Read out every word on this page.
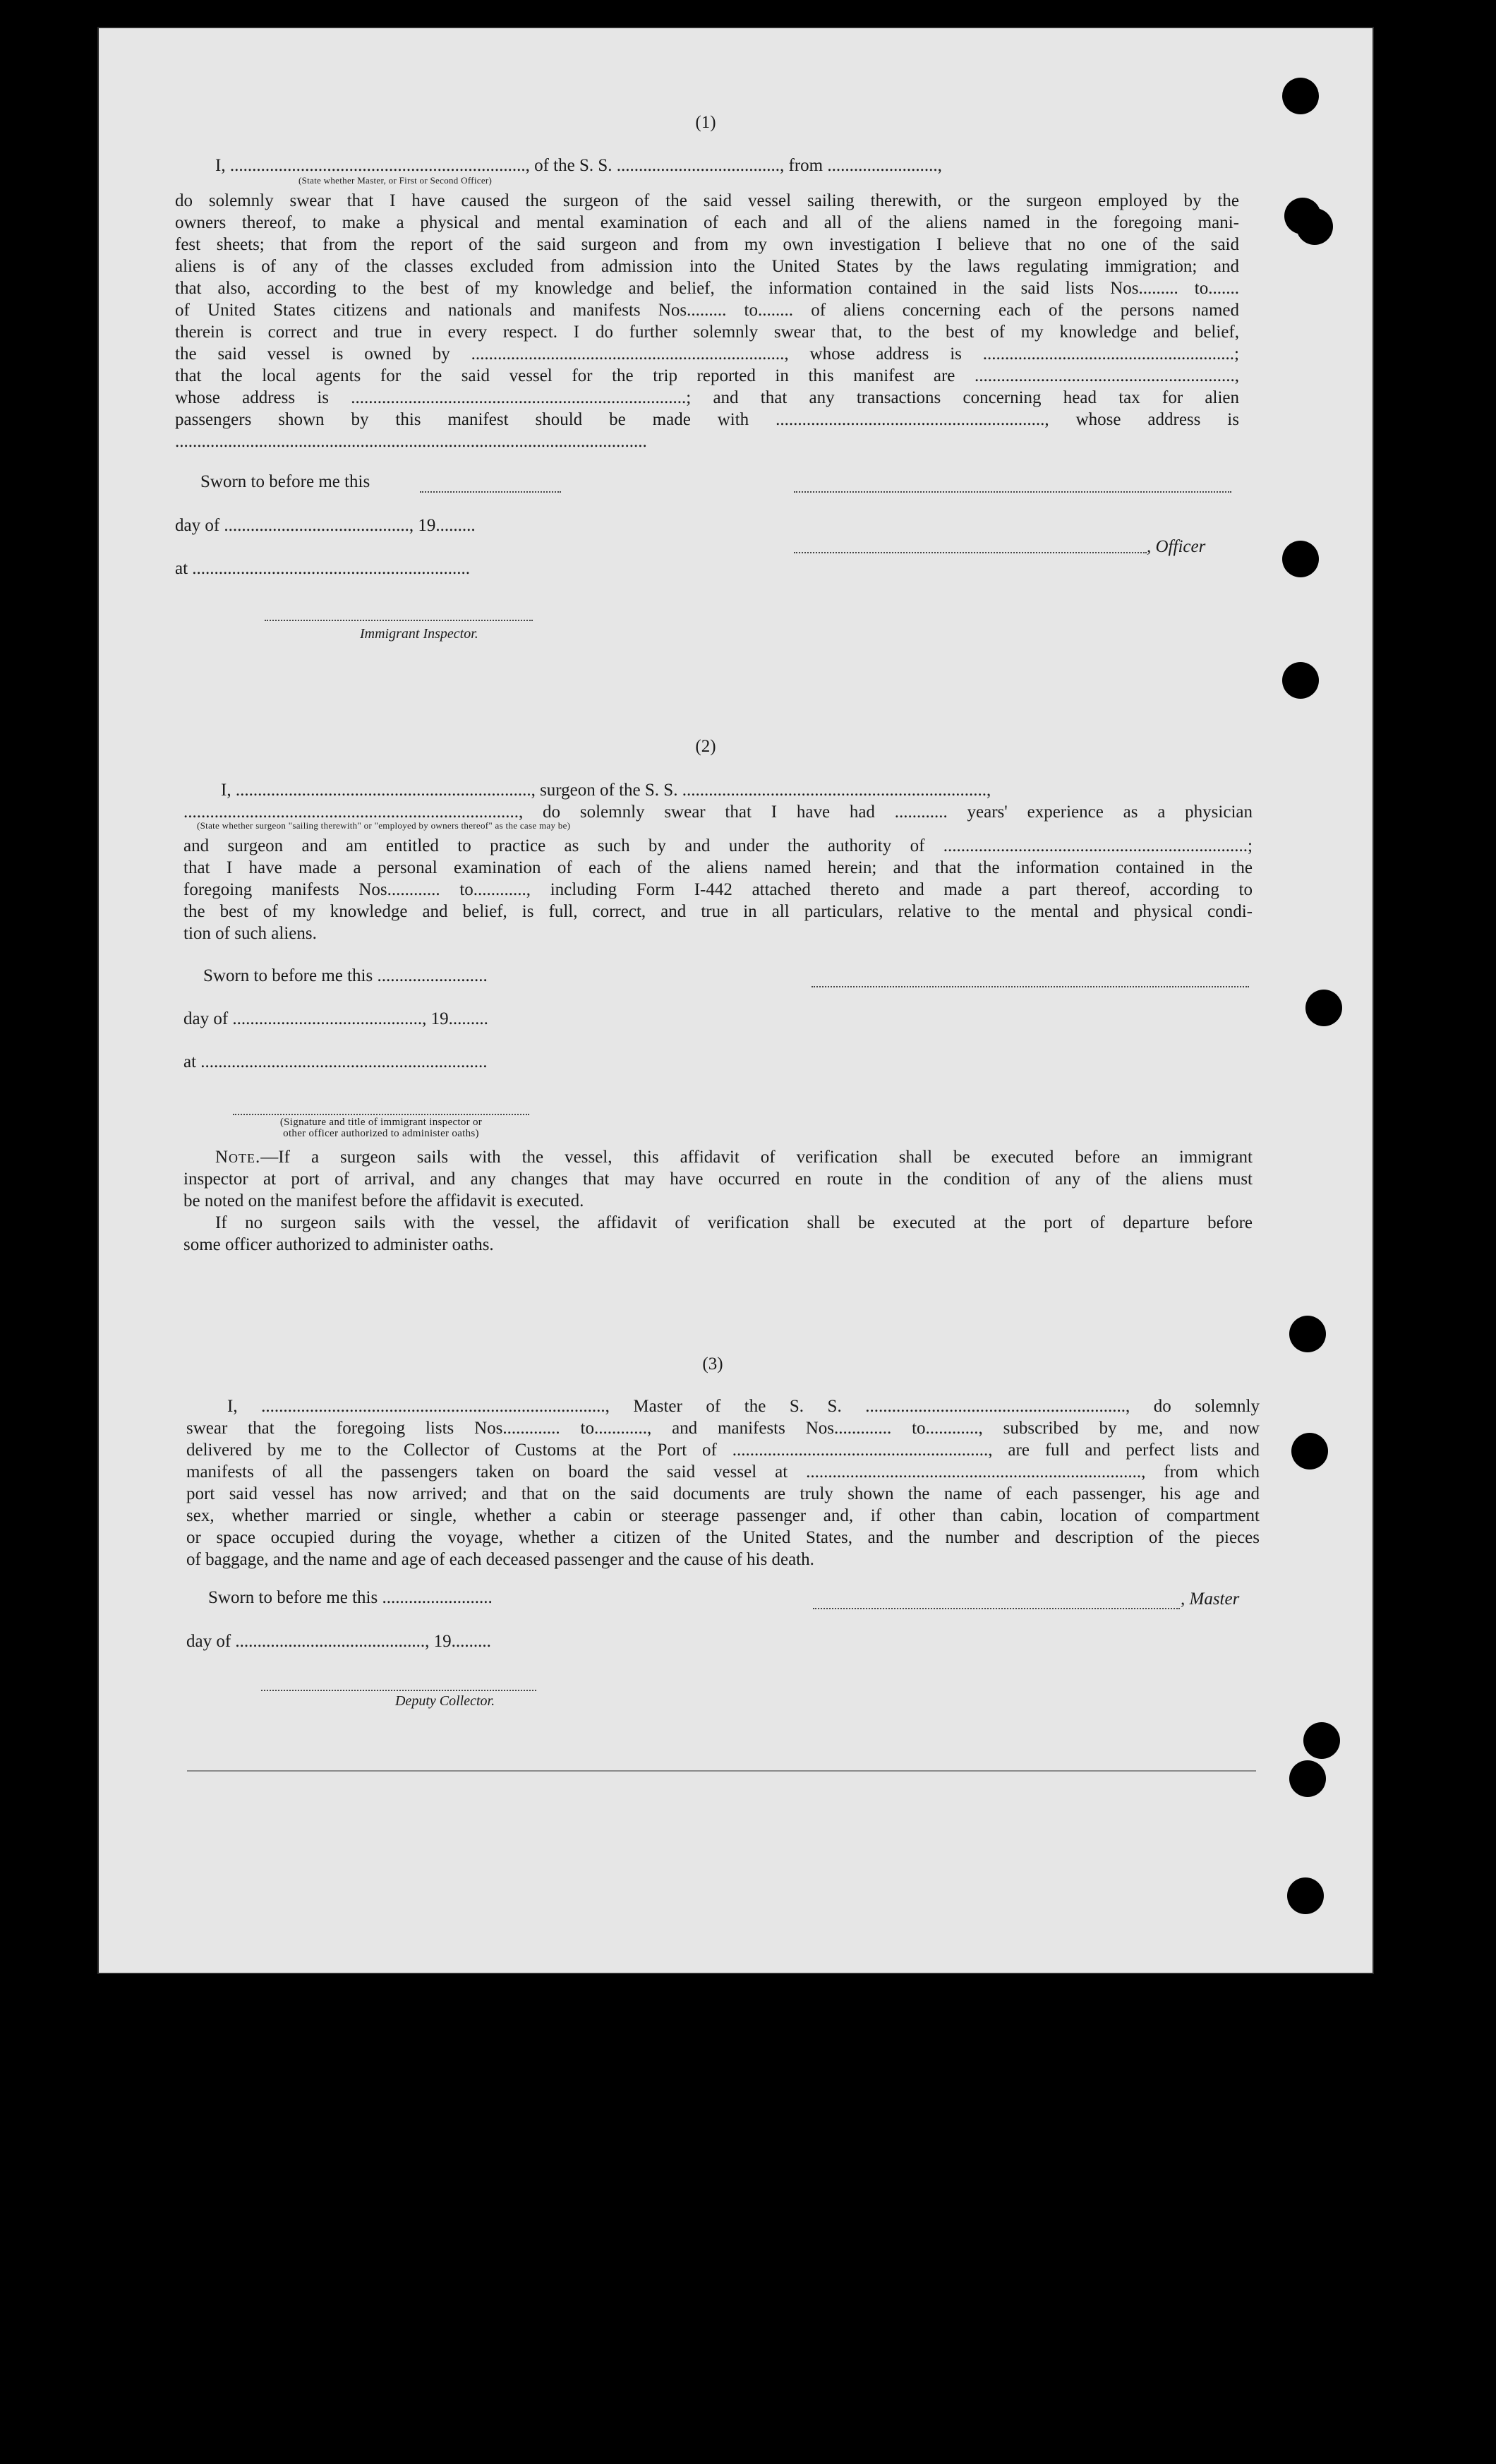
(1)
I, ..................................................................., of the S. S. ....................................., from .........................,
(State whether Master, or First or Second Officer)
do solemnly swear that I have caused the surgeon of the said vessel sailing therewith, or the surgeon employed by the
owners thereof, to make a physical and mental examination of each and all of the aliens named in the foregoing mani-
fest sheets; that from the report of the said surgeon and from my own investigation I believe that no one of the said
aliens is of any of the classes excluded from admission into the United States by the laws regulating immigration; and
that also, according to the best of my knowledge and belief, the information contained in the said lists Nos......... to.......
of United States citizens and nationals and manifests Nos......... to........ of aliens concerning each of the persons named
therein is correct and true in every respect. I do further solemnly swear that, to the best of my knowledge and belief,
the said vessel is owned by ......................................................................., whose address is .........................................................;
that the local agents for the said vessel for the trip reported in this manifest are ...........................................................,
whose address is ............................................................................; and that any transactions concerning head tax for alien
passengers shown by this manifest should be made with ............................................................., whose address is
...........................................................................................................
Sworn to before me this
day of .........................................., 19.........
, Officer
at ...............................................................
Immigrant Inspector.
(2)
I, ..................................................................., surgeon of the S. S. .....................................................................,
............................................................................, do solemnly swear that I have had ............ years' experience as a physician
(State whether surgeon "sailing therewith" or "employed by owners thereof" as the case may be)
and surgeon and am entitled to practice as such by and under the authority of .....................................................................;
that I have made a personal examination of each of the aliens named herein; and that the information contained in the
foregoing manifests Nos............ to............, including Form I-442 attached thereto and made a part thereof, according to
the best of my knowledge and belief, is full, correct, and true in all particulars, relative to the mental and physical condi-
tion of such aliens.
Sworn to before me this .........................
day of ..........................................., 19.........
at .................................................................
(Signature and title of immigrant inspector or
other officer authorized to administer oaths)
Note.—If a surgeon sails with the vessel, this affidavit of verification shall be executed before an immigrant
inspector at port of arrival, and any changes that may have occurred en route in the condition of any of the aliens must
be noted on the manifest before the affidavit is executed.
If no surgeon sails with the vessel, the affidavit of verification shall be executed at the port of departure before
some officer authorized to administer oaths.
(3)
I, .............................................................................., Master of the S. S. ..........................................................., do solemnly
swear that the foregoing lists Nos............. to............, and manifests Nos............. to............, subscribed by me, and now
delivered by me to the Collector of Customs at the Port of .........................................................., are full and perfect lists and
manifests of all the passengers taken on board the said vessel at ............................................................................, from which
port said vessel has now arrived; and that on the said documents are truly shown the name of each passenger, his age and
sex, whether married or single, whether a cabin or steerage passenger and, if other than cabin, location of compartment
or space occupied during the voyage, whether a citizen of the United States, and the number and description of the pieces
of baggage, and the name and age of each deceased passenger and the cause of his death.
Sworn to before me this .........................	, Master
day of ..........................................., 19.........
Deputy Collector.
